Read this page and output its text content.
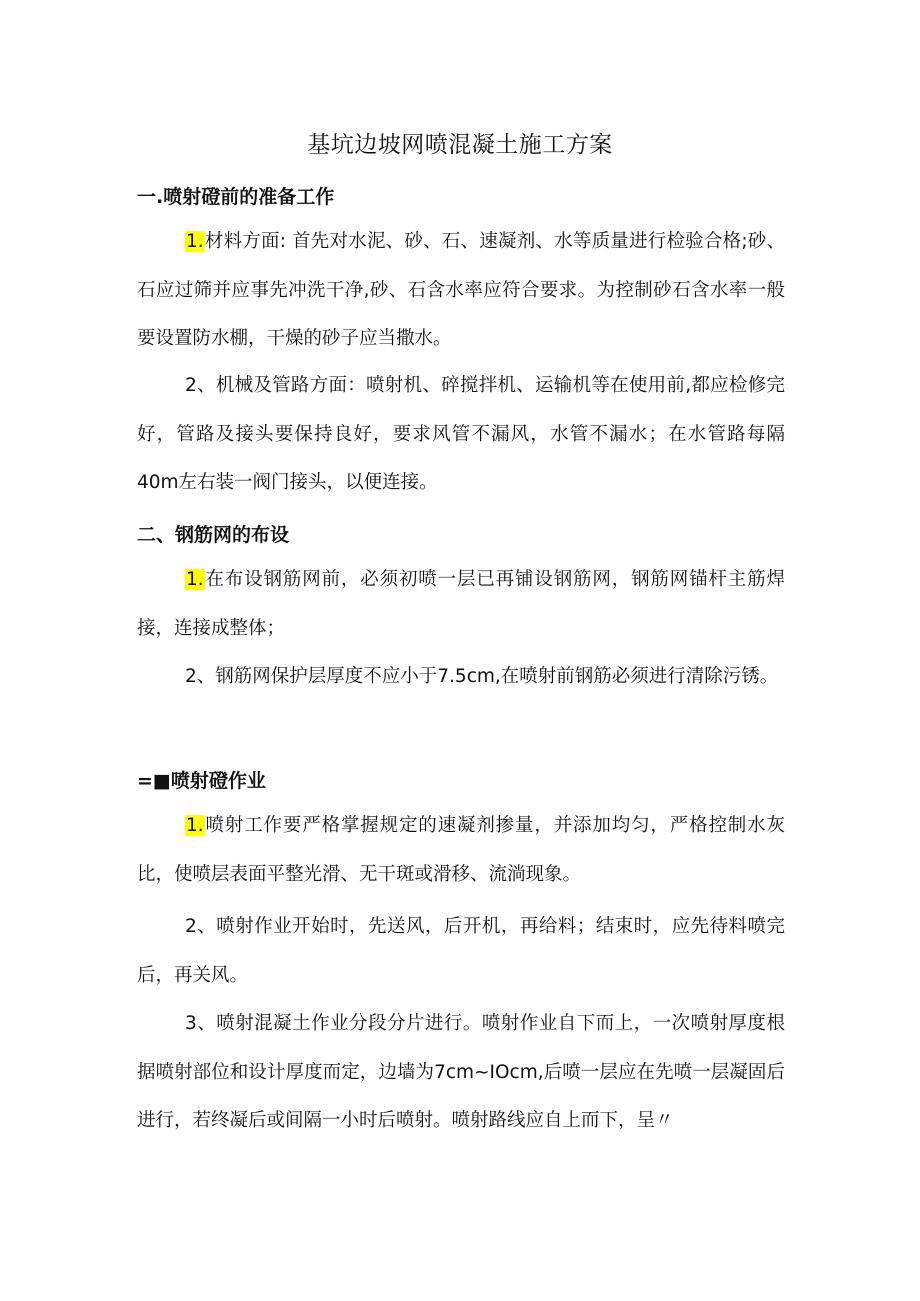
基坑边坡网喷混凝土施工方案
一.喷射磴前的准备工作

1.材料方面: 首先对水泥、砂、石、速凝剂、水等质量进行检验合格;砂、石应过筛并应事先冲洗干净,砂、石含水率应符合要求。为控制砂石含水率一般要设置防水棚，干燥的砂子应当撒水。

2、机械及管路方面：喷射机、碎搅拌机、运输机等在使用前,都应检修完好，管路及接头要保持良好，要求风管不漏风，水管不漏水；在水管路每隔40m左右装一阀门接头，以便连接。

二、钢筋网的布设

1.在布设钢筋网前，必须初喷一层已再铺设钢筋网，钢筋网锚杆主筋焊接，连接成整体；

2、钢筋网保护层厚度不应小于7.5cm,在喷射前钢筋必须进行清除污锈。

=■喷射磴作业

1.喷射工作要严格掌握规定的速凝剂掺量，并添加均匀，严格控制水灰比，使喷层表面平整光滑、无干斑或滑移、流淌现象。

2、喷射作业开始时，先送风，后开机，再给料；结束时，应先待料喷完后，再关风。

3、喷射混凝土作业分段分片进行。喷射作业自下而上，一次喷射厚度根据喷射部位和设计厚度而定，边墙为7cm~IOcm,后喷一层应在先喷一层凝固后进行，若终凝后或间隔一小时后喷射。喷射路线应自上而下，呈〃
